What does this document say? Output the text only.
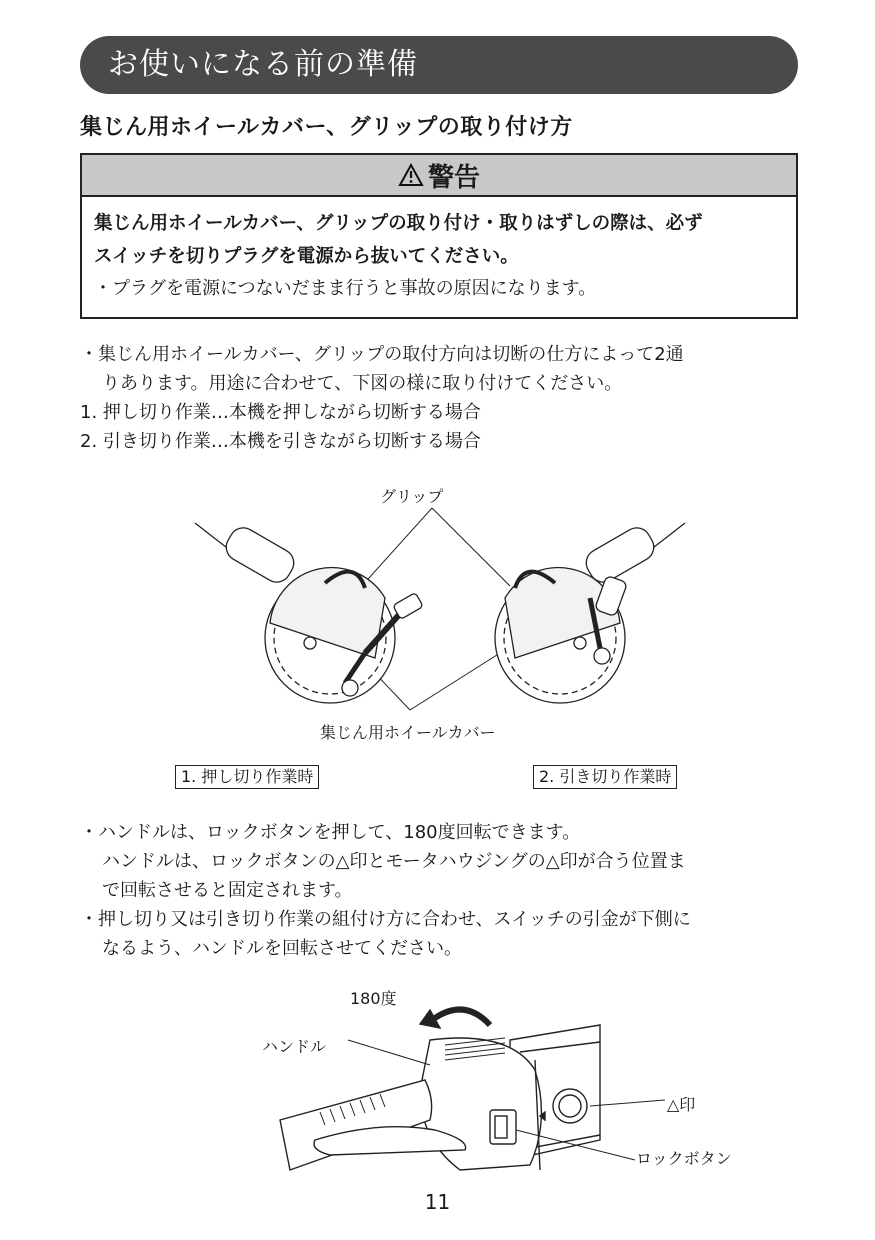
お使いになる前の準備
集じん用ホイールカバー、グリップの取り付け方
警告
集じん用ホイールカバー、グリップの取り付け・取りはずしの際は、必ず
スイッチを切りプラグを電源から抜いてください。
・プラグを電源につないだまま行うと事故の原因になります。
・集じん用ホイールカバー、グリップの取付方向は切断の仕方によって2通
りあります。用途に合わせて、下図の様に取り付けてください。
1. 押し切り作業…本機を押しながら切断する場合
2. 引き切り作業…本機を引きながら切断する場合
グリップ
集じん用ホイールカバー
1. 押し切り作業時	2. 引き切り作業時
・ハンドルは、ロックボタンを押して、180度回転できます。
ハンドルは、ロックボタンの△印とモータハウジングの△印が合う位置ま
で回転させると固定されます。
・押し切り又は引き切り作業の組付け方に合わせ、スイッチの引金が下側に
なるよう、ハンドルを回転させてください。
180度
ハンドル
△印
ロックボタン
11
